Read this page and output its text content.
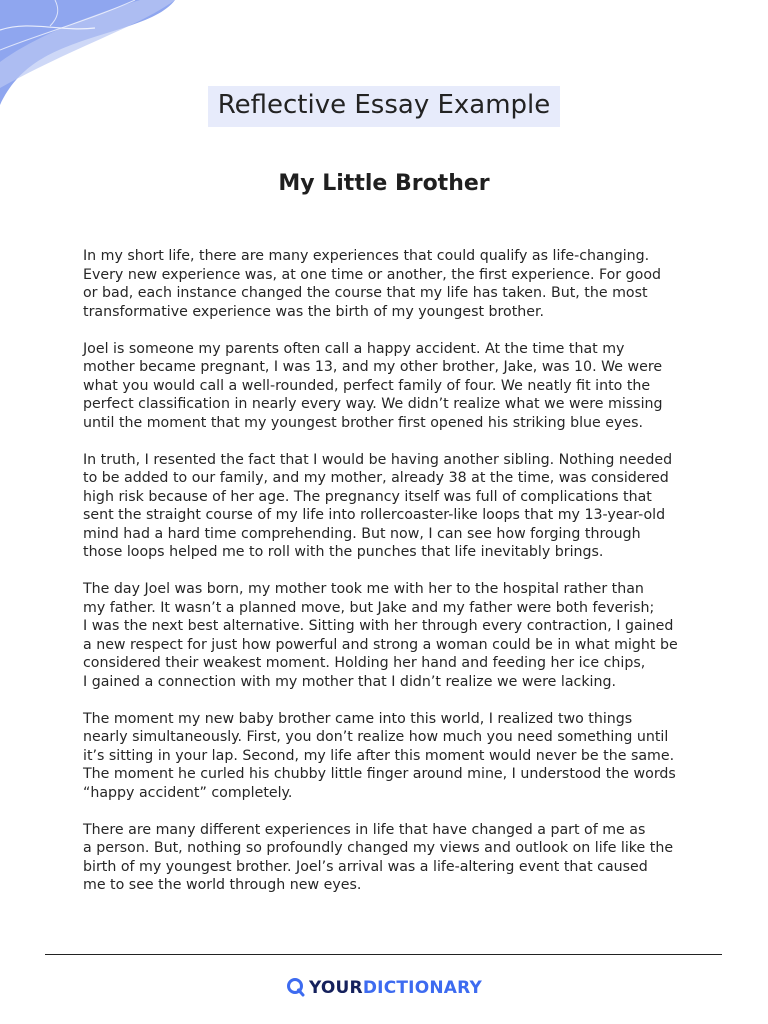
Reflective Essay Example
My Little Brother

In my short life, there are many experiences that could qualify as life-changing.
Every new experience was, at one time or another, the first experience. For good
or bad, each instance changed the course that my life has taken. But, the most
transformative experience was the birth of my youngest brother.

Joel is someone my parents often call a happy accident. At the time that my
mother became pregnant, I was 13, and my other brother, Jake, was 10. We were
what you would call a well-rounded, perfect family of four. We neatly fit into the
perfect classification in nearly every way. We didn’t realize what we were missing
until the moment that my youngest brother first opened his striking blue eyes.

In truth, I resented the fact that I would be having another sibling. Nothing needed
to be added to our family, and my mother, already 38 at the time, was considered
high risk because of her age. The pregnancy itself was full of complications that
sent the straight course of my life into rollercoaster-like loops that my 13-year-old
mind had a hard time comprehending. But now, I can see how forging through
those loops helped me to roll with the punches that life inevitably brings.

The day Joel was born, my mother took me with her to the hospital rather than
my father. It wasn’t a planned move, but Jake and my father were both feverish;
I was the next best alternative. Sitting with her through every contraction, I gained
a new respect for just how powerful and strong a woman could be in what might be
considered their weakest moment. Holding her hand and feeding her ice chips,
I gained a connection with my mother that I didn’t realize we were lacking.

The moment my new baby brother came into this world, I realized two things
nearly simultaneously. First, you don’t realize how much you need something until
it’s sitting in your lap. Second, my life after this moment would never be the same.
The moment he curled his chubby little finger around mine, I understood the words
“happy accident” completely.

There are many different experiences in life that have changed a part of me as
a person. But, nothing so profoundly changed my views and outlook on life like the
birth of my youngest brother. Joel’s arrival was a life-altering event that caused
me to see the world through new eyes.

YOURDICTIONARY
